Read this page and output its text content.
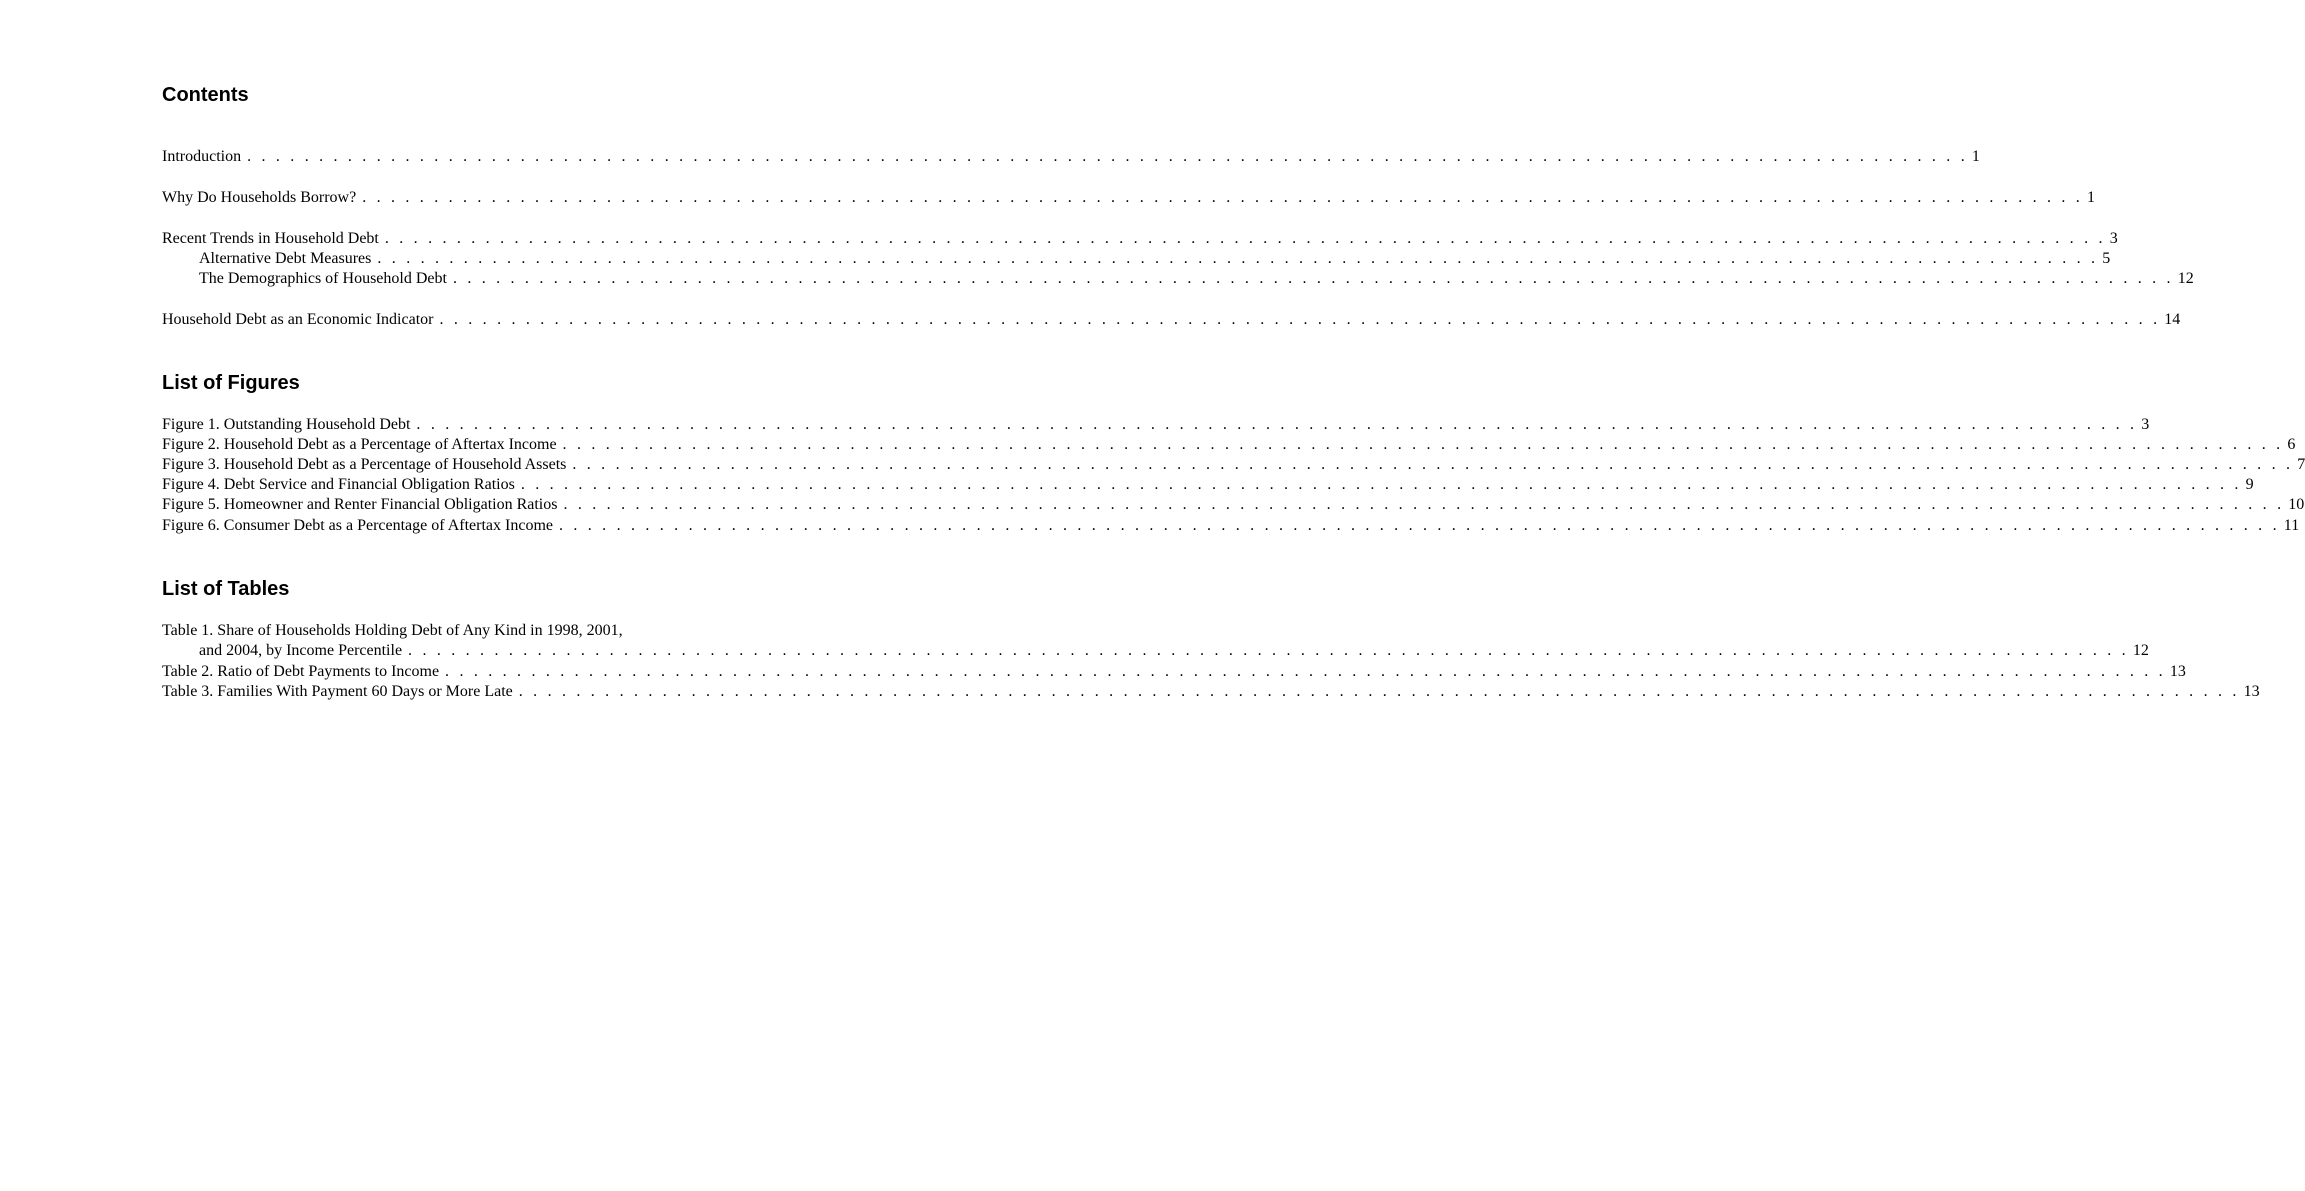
Contents
Introduction . . . . . . . . . . . . . . . . . . . . . . . . . . . . . . . . . . . . . . . . . . . . . . . . . . . . . . . . . . . . . . . . . . . . . . . . . . . . . . . . . . . . . . . . . . . . . . . . . . . . . . . . . . . . . . . . . . . . . . . . 1
Why Do Households Borrow? . . . . . . . . . . . . . . . . . . . . . . . . . . . . . . . . . . . . . . . . . . . . . . . . . . . . . . . . . . . . . . . . . . . . . . . . . . . . . . . . . . . . . . . . . . . . . . . . . . . . . . . . . . . . . . . . . . . . . . . . 1
Recent Trends in Household Debt . . . . . . . . . . . . . . . . . . . . . . . . . . . . . . . . . . . . . . . . . . . . . . . . . . . . . . . . . . . . . . . . . . . . . . . . . . . . . . . . . . . . . . . . . . . . . . . . . . . . . . . . . . . . . . . . . . . . . . . . 3
Alternative Debt Measures . . . . . . . . . . . . . . . . . . . . . . . . . . . . . . . . . . . . . . . . . . . . . . . . . . . . . . . . . . . . . . . . . . . . . . . . . . . . . . . . . . . . . . . . . . . . . . . . . . . . . . . . . . . . . . . . . . . . . . . . 5
The Demographics of Household Debt . . . . . . . . . . . . . . . . . . . . . . . . . . . . . . . . . . . . . . . . . . . . . . . . . . . . . . . . . . . . . . . . . . . . . . . . . . . . . . . . . . . . . . . . . . . . . . . . . . . . . . . . . . . . . . . . . . . . . . . . 12
Household Debt as an Economic Indicator . . . . . . . . . . . . . . . . . . . . . . . . . . . . . . . . . . . . . . . . . . . . . . . . . . . . . . . . . . . . . . . . . . . . . . . . . . . . . . . . . . . . . . . . . . . . . . . . . . . . . . . . . . . . . . . . . . . . . . . . 14
List of Figures
Figure 1. Outstanding Household Debt . . . . . . . . . . . . . . . . . . . . . . . . . . . . . . . . . . . . . . . . . . . . . . . . . . . . . . . . . . . . . . . . . . . . . . . . . . . . . . . . . . . . . . . . . . . . . . . . . . . . . . . . . . . . . . . . . . . . . . . . 3
Figure 2. Household Debt as a Percentage of Aftertax Income . . . . . . . . . . . . . . . . . . . . . . . . . . . . . . . . . . . . . . . . . . . . . . . . . . . . . . . . . . . . . . . . . . . . . . . . . . . . . . . . . . . . . . . . . . . . . . . . . . . . . . . . . . . . . . . . . . . . . . . . 6
Figure 3. Household Debt as a Percentage of Household Assets . . . . . . . . . . . . . . . . . . . . . . . . . . . . . . . . . . . . . . . . . . . . . . . . . . . . . . . . . . . . . . . . . . . . . . . . . . . . . . . . . . . . . . . . . . . . . . . . . . . . . . . . . . . . . . . . . . . . . . . . 7
Figure 4. Debt Service and Financial Obligation Ratios . . . . . . . . . . . . . . . . . . . . . . . . . . . . . . . . . . . . . . . . . . . . . . . . . . . . . . . . . . . . . . . . . . . . . . . . . . . . . . . . . . . . . . . . . . . . . . . . . . . . . . . . . . . . . . . . . . . . . . . . 9
Figure 5. Homeowner and Renter Financial Obligation Ratios . . . . . . . . . . . . . . . . . . . . . . . . . . . . . . . . . . . . . . . . . . . . . . . . . . . . . . . . . . . . . . . . . . . . . . . . . . . . . . . . . . . . . . . . . . . . . . . . . . . . . . . . . . . . . . . . . . . . . . . . 10
Figure 6. Consumer Debt as a Percentage of Aftertax Income . . . . . . . . . . . . . . . . . . . . . . . . . . . . . . . . . . . . . . . . . . . . . . . . . . . . . . . . . . . . . . . . . . . . . . . . . . . . . . . . . . . . . . . . . . . . . . . . . . . . . . . . . . . . . . . . . . . . . . . . 11
List of Tables
Table 1. Share of Households Holding Debt of Any Kind in 1998, 2001,
and 2004, by Income Percentile . . . . . . . . . . . . . . . . . . . . . . . . . . . . . . . . . . . . . . . . . . . . . . . . . . . . . . . . . . . . . . . . . . . . . . . . . . . . . . . . . . . . . . . . . . . . . . . . . . . . . . . . . . . . . . . . . . . . . . . . 12
Table 2. Ratio of Debt Payments to Income . . . . . . . . . . . . . . . . . . . . . . . . . . . . . . . . . . . . . . . . . . . . . . . . . . . . . . . . . . . . . . . . . . . . . . . . . . . . . . . . . . . . . . . . . . . . . . . . . . . . . . . . . . . . . . . . . . . . . . . . 13
Table 3. Families With Payment 60 Days or More Late . . . . . . . . . . . . . . . . . . . . . . . . . . . . . . . . . . . . . . . . . . . . . . . . . . . . . . . . . . . . . . . . . . . . . . . . . . . . . . . . . . . . . . . . . . . . . . . . . . . . . . . . . . . . . . . . . . . . . . . . 13
